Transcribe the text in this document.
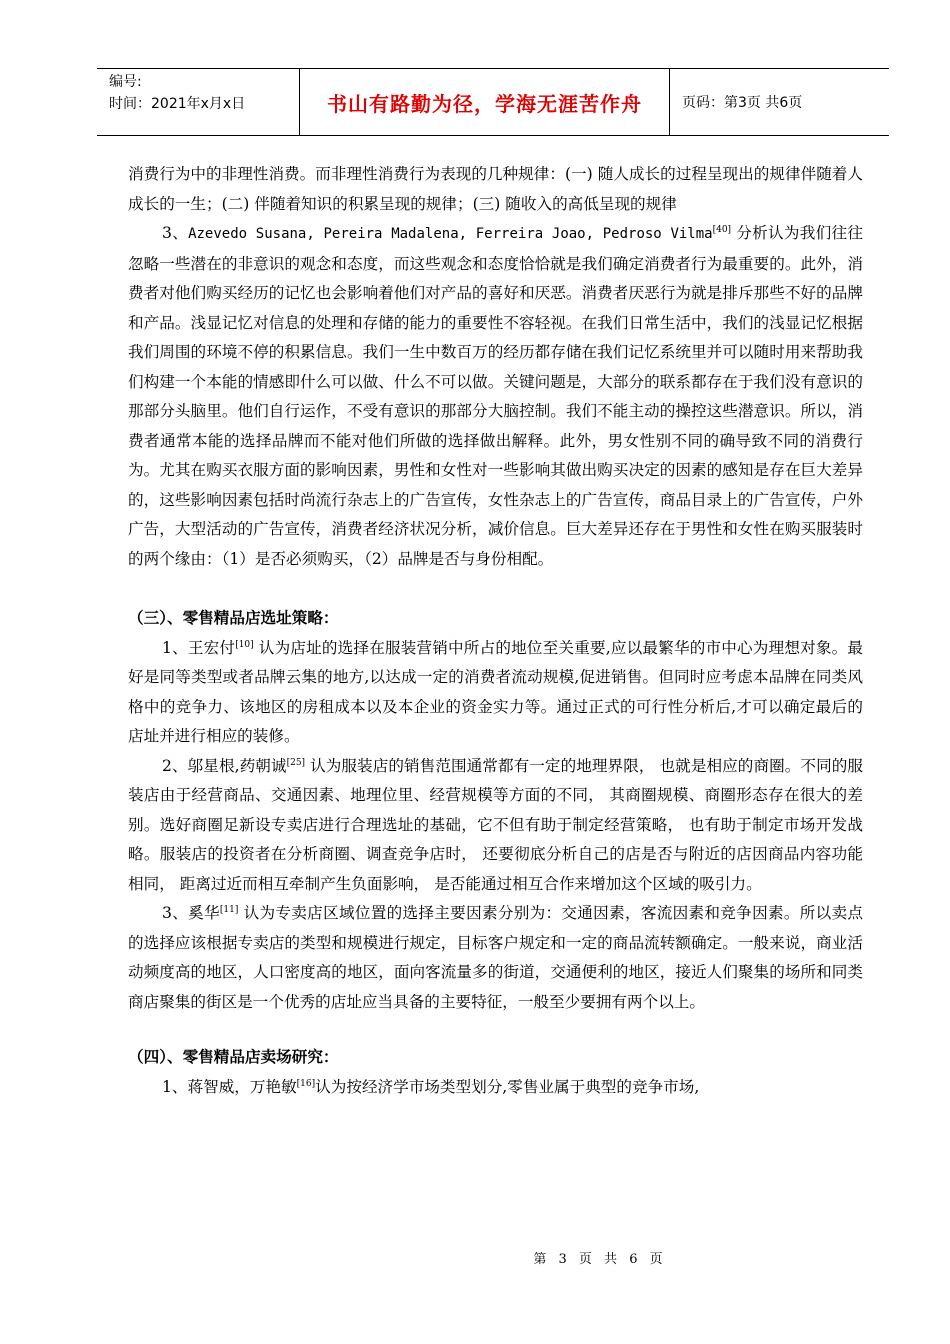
编号:
时间：2021年x月x日	书山有路勤为径，学海无涯苦作舟	页码：第3页 共6页

消费行为中的非理性消费。而非理性消费行为表现的几种规律：(一) 随人成长的过程呈现出的规律伴随着人成长的一生；(二) 伴随着知识的积累呈现的规律；(三) 随收入的高低呈现的规律

3、Azevedo Susana, Pereira Madalena, Ferreira Joao, Pedroso Vilma[40] 分析认为我们往往忽略一些潜在的非意识的观念和态度，而这些观念和态度恰恰就是我们确定消费者行为最重要的。此外，消费者对他们购买经历的记忆也会影响着他们对产品的喜好和厌恶。消费者厌恶行为就是排斥那些不好的品牌和产品。浅显记忆对信息的处理和存储的能力的重要性不容轻视。在我们日常生活中，我们的浅显记忆根据我们周围的环境不停的积累信息。我们一生中数百万的经历都存储在我们记忆系统里并可以随时用来帮助我们构建一个本能的情感即什么可以做、什么不可以做。关键问题是，大部分的联系都存在于我们没有意识的那部分头脑里。他们自行运作，不受有意识的那部分大脑控制。我们不能主动的操控这些潜意识。所以，消费者通常本能的选择品牌而不能对他们所做的选择做出解释。此外，男女性别不同的确导致不同的消费行为。尤其在购买衣服方面的影响因素，男性和女性对一些影响其做出购买决定的因素的感知是存在巨大差异的，这些影响因素包括时尚流行杂志上的广告宣传，女性杂志上的广告宣传，商品目录上的广告宣传，户外广告，大型活动的广告宣传，消费者经济状况分析，减价信息。巨大差异还存在于男性和女性在购买服装时的两个缘由：（1）是否必须购买，（2）品牌是否与身份相配。

（三）、零售精品店选址策略：

1、王宏付[10] 认为店址的选择在服装营销中所占的地位至关重要,应以最繁华的市中心为理想对象。最好是同等类型或者品牌云集的地方,以达成一定的消费者流动规模,促进销售。但同时应考虑本品牌在同类风格中的竞争力、该地区的房租成本以及本企业的资金实力等。通过正式的可行性分析后,才可以确定最后的店址并进行相应的装修。

2、邬星根,药朝诚[25] 认为服装店的销售范围通常都有一定的地理界限， 也就是相应的商圈。不同的服装店由于经营商品、交通因素、地理位里、经营规模等方面的不同， 其商圈规模、商圈形态存在很大的差别。选好商圈足新设专卖店进行合理选址的基础，它不但有助于制定经营策略， 也有助于制定市场开发战略。服装店的投资者在分析商圈、调查竞争店时， 还要彻底分析自己的店是否与附近的店因商品内容功能相同， 距离过近而相互牵制产生负面影响， 是否能通过相互合作来增加这个区域的吸引力。

3、奚华[11] 认为专卖店区域位置的选择主要因素分别为：交通因素，客流因素和竞争因素。所以卖点的选择应该根据专卖店的类型和规模进行规定，目标客户规定和一定的商品流转额确定。一般来说，商业活动频度高的地区，人口密度高的地区，面向客流量多的街道，交通便利的地区，接近人们聚集的场所和同类商店聚集的街区是一个优秀的店址应当具备的主要特征，一般至少要拥有两个以上。

（四）、零售精品店卖场研究：

1、蒋智威，万艳敏[16]认为按经济学市场类型划分,零售业属于典型的竞争市场,

第 3 页 共 6 页
